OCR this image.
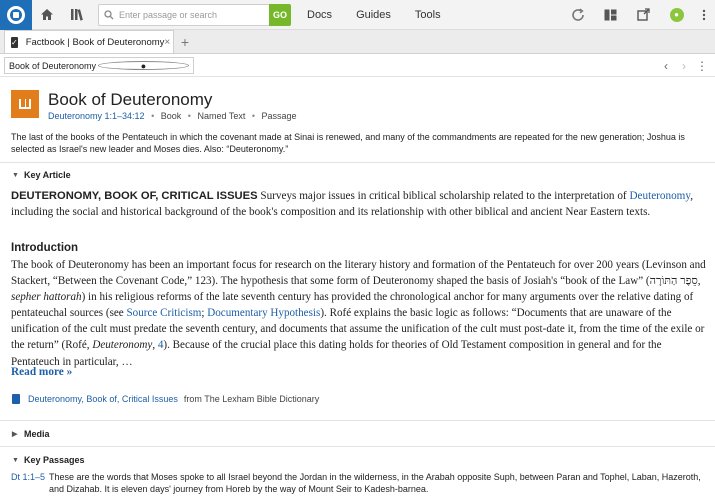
Enter passage or search
GO	Docs Guides Tools	●
✓ Factbook | Book of Deuteronomy × +
Book of Deuteronomy	●	‹	› ⋮
Book of Deuteronomy
Deuteronomy 1:1–34:12 • Book • Named Text • Passage
The last of the books of the Pentateuch in which the covenant made at Sinai is renewed, and many of the commandments are repeated for the new generation; Joshua is selected as Israel's new leader and Moses dies. Also: “Deuteronomy.”
▼ Key Article
DEUTERONOMY, BOOK OF, CRITICAL ISSUES Surveys major issues in critical biblical scholarship related to the interpretation of Deuteronomy, including the social and historical background of the book's composition and its relationship with other biblical and ancient Near Eastern texts.
Introduction
The book of Deuteronomy has been an important focus for research on the literary history and formation of the Pentateuch for over 200 years (Levinson and Stackert, “Between the Covenant Code,” 123). The hypothesis that some form of Deuteronomy shaped the basis of Josiah's “book of the Law” (סֵפֶר הַתּוֹרָה, sepher hattorah) in his religious reforms of the late seventh century has provided the chronological anchor for many arguments over the relative dating of pentateuchal sources (see Source Criticism; Documentary Hypothesis). Rofé explains the basic logic as follows: “Documents that are unaware of the unification of the cult must predate the seventh century, and documents that assume the unification of the cult must post-date it, from the time of the exile or the return” (Rofé, Deuteronomy, 4). Because of the crucial place this dating holds for theories of Old Testament composition in general and for the Pentateuch in particular, …
Read more »
Deuteronomy, Book of, Critical Issues from The Lexham Bible Dictionary
▶ Media
▼ Key Passages
Dt 1:1–5 These are the words that Moses spoke to all Israel beyond the Jordan in the wilderness, in the Arabah opposite Suph, between Paran and Tophel, Laban, Hazeroth, and Dizahab. It is eleven days' journey from Horeb by the way of Mount Seir to Kadesh-barnea.
